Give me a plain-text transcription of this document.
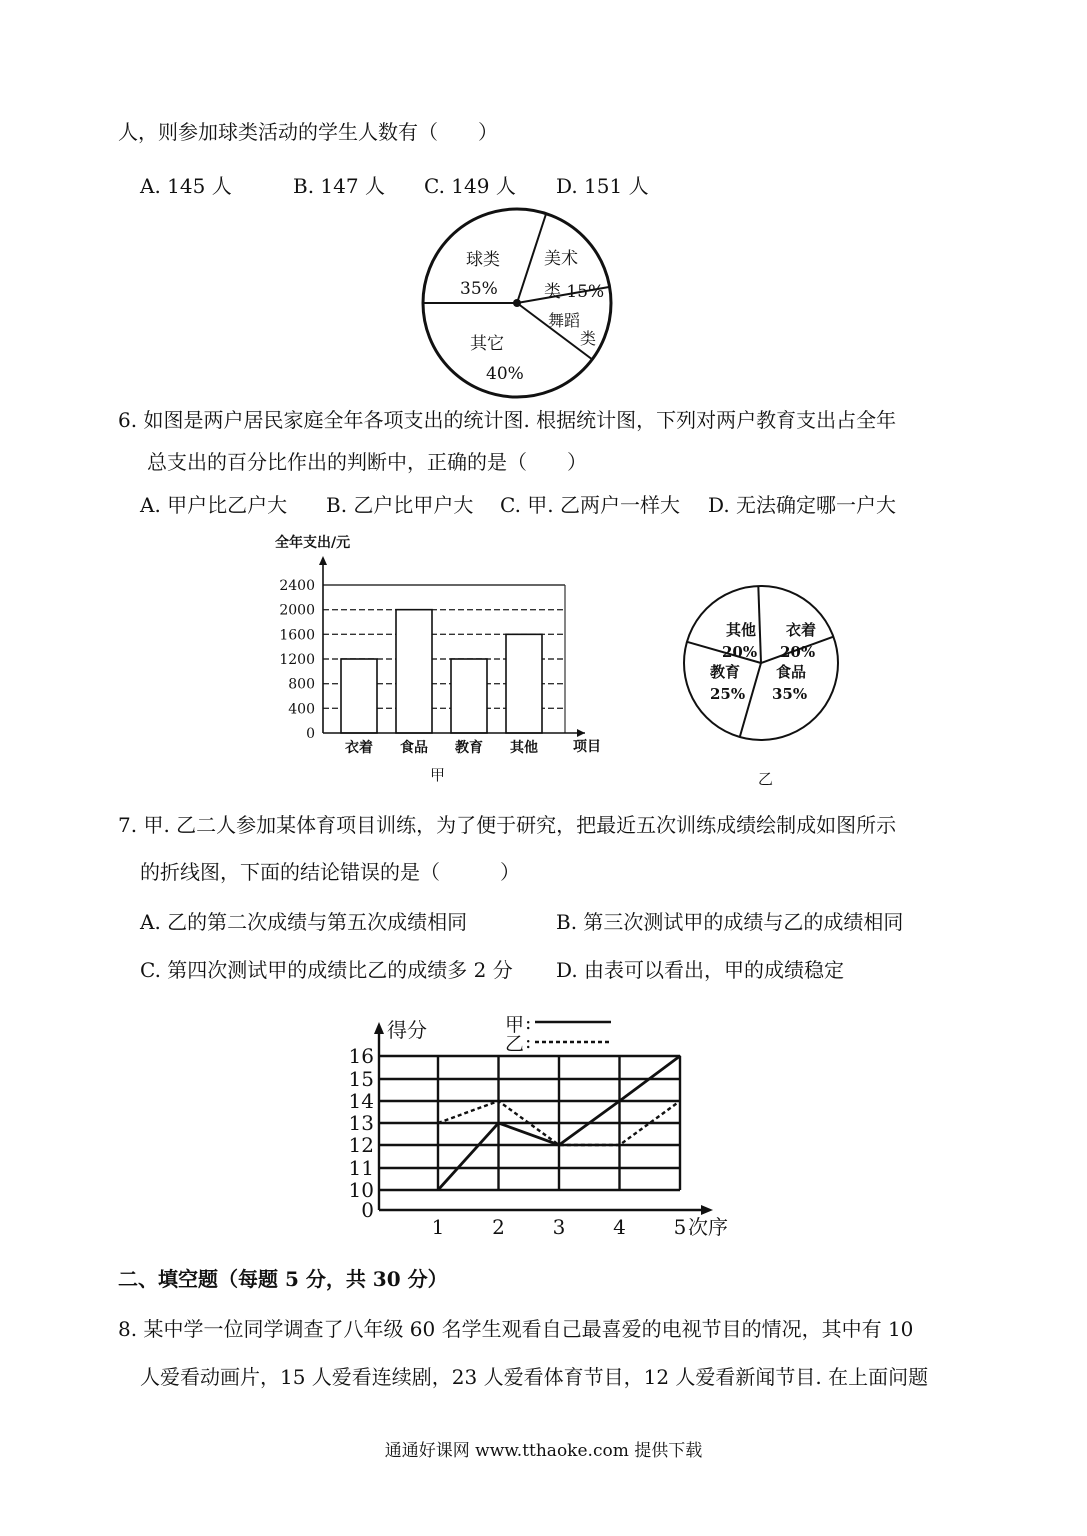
人，则参加球类活动的学生人数有（　　）
A. 145 人	B. 147 人 C. 149 人 D. 151 人
球类
35%
美术
类 15%
舞蹈
类
其它
40%
6. 如图是两户居民家庭全年各项支出的统计图. 根据统计图，下列对两户教育支出占全年
总支出的百分比作出的判断中，正确的是（　　）
A. 甲户比乙户大 B. 乙户比甲户大 C. 甲. 乙两户一样大 D. 无法确定哪一户大
全年支出/元
项目
甲
0
400
800
1200
1600
2000
2400
衣着 食品 教育 其他
衣着
20%
其他
20%
食品
35%
教育
25%
乙
7. 甲. 乙二人参加某体育项目训练，为了便于研究，把最近五次训练成绩绘制成如图所示
的折线图，下面的结论错误的是（　　　）
A. 乙的第二次成绩与第五次成绩相同	B. 第三次测试甲的成绩与乙的成绩相同
C. 第四次测试甲的成绩比乙的成绩多 2 分 D. 由表可以看出，甲的成绩稳定
得分
次序
甲 :
乙 :
0
10
11
12
13
14
15
16
1 2 3 4 5
二、填空题（每题 5 分，共 30 分）
8. 某中学一位同学调查了八年级 60 名学生观看自己最喜爱的电视节目的情况，其中有 10
人爱看动画片，15 人爱看连续剧，23 人爱看体育节目，12 人爱看新闻节目. 在上面问题
通通好课网 www.tthaoke.com 提供下载
